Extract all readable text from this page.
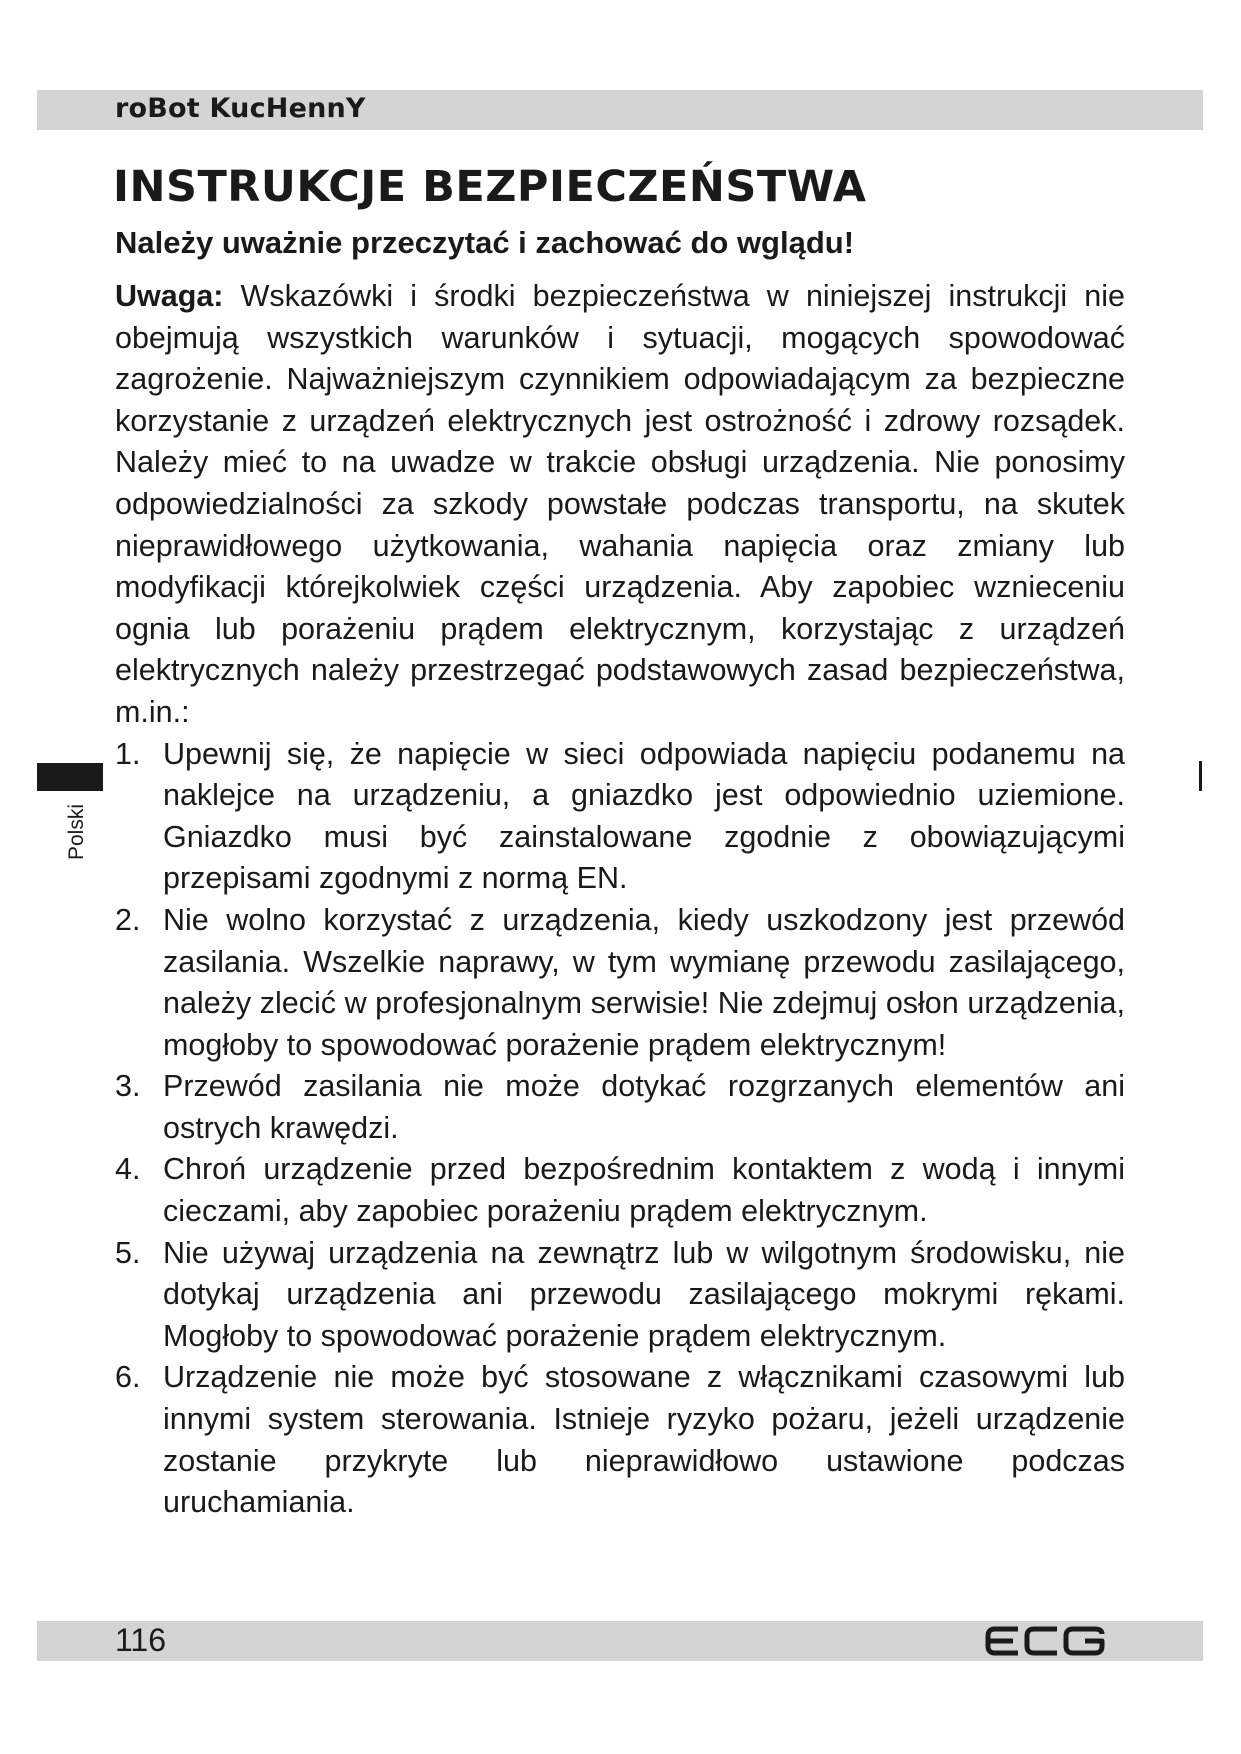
roBot KucHennY
INSTRUKCJE BEZPIECZEŃSTWA
Należy uważnie przeczytać i zachować do wglądu!

Uwaga: Wskazówki i środki bezpieczeństwa w niniejszej instrukcji nie obejmują wszystkich warunków i sytuacji, mogących spowodować zagrożenie. Najważniejszym czynnikiem odpowiadającym za bezpieczne korzystanie z urządzeń elektrycznych jest ostrożność i zdrowy rozsądek. Należy mieć to na uwadze w trakcie obsługi urządzenia. Nie ponosimy odpowiedzialności za szkody powstałe podczas transportu, na skutek nieprawidłowego użytkowania, wahania napięcia oraz zmiany lub modyfikacji którejkolwiek części urządzenia. Aby zapobiec wznieceniu ognia lub porażeniu prądem elektrycznym, korzystając z urządzeń elektrycznych należy przestrzegać podstawowych zasad bezpieczeństwa, m.in.:

1. Upewnij się, że napięcie w sieci odpowiada napięciu podanemu na naklejce na urządzeniu, a gniazdko jest odpowiednio uziemione. Gniazdko musi być zainstalowane zgodnie z obowiązującymi przepisami zgodnymi z normą EN.
2. Nie wolno korzystać z urządzenia, kiedy uszkodzony jest przewód zasilania. Wszelkie naprawy, w tym wymianę przewodu zasilającego, należy zlecić w profesjonalnym serwisie! Nie zdejmuj osłon urządzenia, mogłoby to spowodować porażenie prądem elektrycznym!
3. Przewód zasilania nie może dotykać rozgrzanych elementów ani ostrych krawędzi.
4. Chroń urządzenie przed bezpośrednim kontaktem z wodą i innymi cieczami, aby zapobiec porażeniu prądem elektrycznym.
5. Nie używaj urządzenia na zewnątrz lub w wilgotnym środowisku, nie dotykaj urządzenia ani przewodu zasilającego mokrymi rękami. Mogłoby to spowodować porażenie prądem elektrycznym.
6. Urządzenie nie może być stosowane z włącznikami czasowymi lub innymi system sterowania. Istnieje ryzyko pożaru, jeżeli urządzenie zostanie przykryte lub nieprawidłowo ustawione podczas uruchamiania.
Polski
116
